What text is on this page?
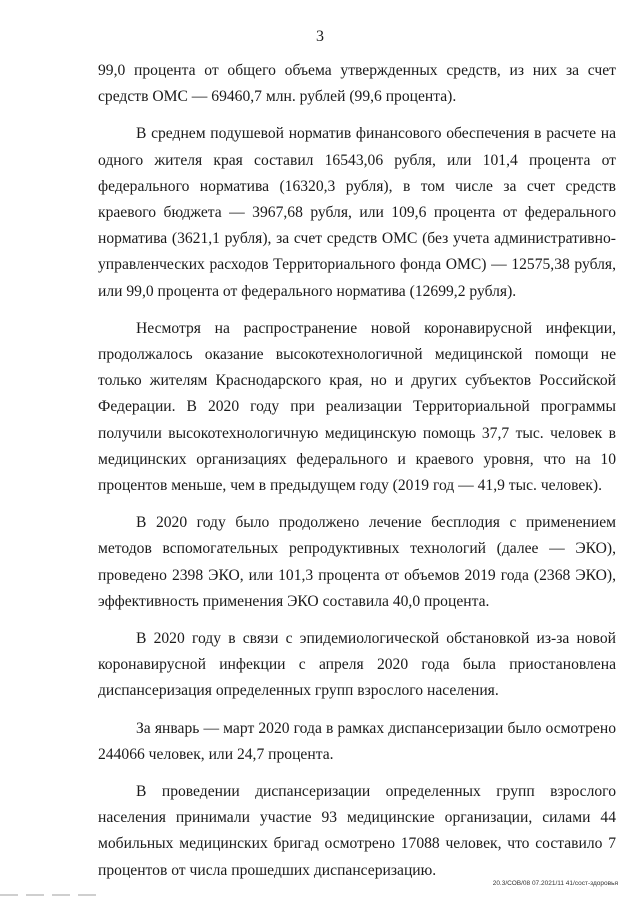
3

99,0 процента от общего объема утвержденных средств, из них за счет средств ОМС — 69460,7 млн. рублей (99,6 процента).

В среднем подушевой норматив финансового обеспечения в расчете на одного жителя края составил 16543,06 рубля, или 101,4 процента от федерального норматива (16320,3 рубля), в том числе за счет средств краевого бюджета — 3967,68 рубля, или 109,6 процента от федерального норматива (3621,1 рубля), за счет средств ОМС (без учета административно-управленческих расходов Территориального фонда ОМС) — 12575,38 рубля, или 99,0 процента от федерального норматива (12699,2 рубля).

Несмотря на распространение новой коронавирусной инфекции, продолжалось оказание высокотехнологичной медицинской помощи не только жителям Краснодарского края, но и других субъектов Российской Федерации. В 2020 году при реализации Территориальной программы получили высокотехнологичную медицинскую помощь 37,7 тыс. человек в медицинских организациях федерального и краевого уровня, что на 10 процентов меньше, чем в предыдущем году (2019 год — 41,9 тыс. человек).

В 2020 году было продолжено лечение бесплодия с применением методов вспомогательных репродуктивных технологий (далее — ЭКО), проведено 2398 ЭКО, или 101,3 процента от объемов 2019 года (2368 ЭКО), эффективность применения ЭКО составила 40,0 процента.

В 2020 году в связи с эпидемиологической обстановкой из-за новой коронавирусной инфекции с апреля 2020 года была приостановлена диспансеризация определенных групп взрослого населения.

За январь — март 2020 года в рамках диспансеризации было осмотрено 244066 человек, или 24,7 процента.

В проведении диспансеризации определенных групп взрослого населения принимали участие 93 медицинские организации, силами 44 мобильных медицинских бригад осмотрено 17088 человек, что составило 7 процентов от числа прошедших диспансеризацию.

20.3/СОВ/08 07.2021/11 41/сост-здоровья
